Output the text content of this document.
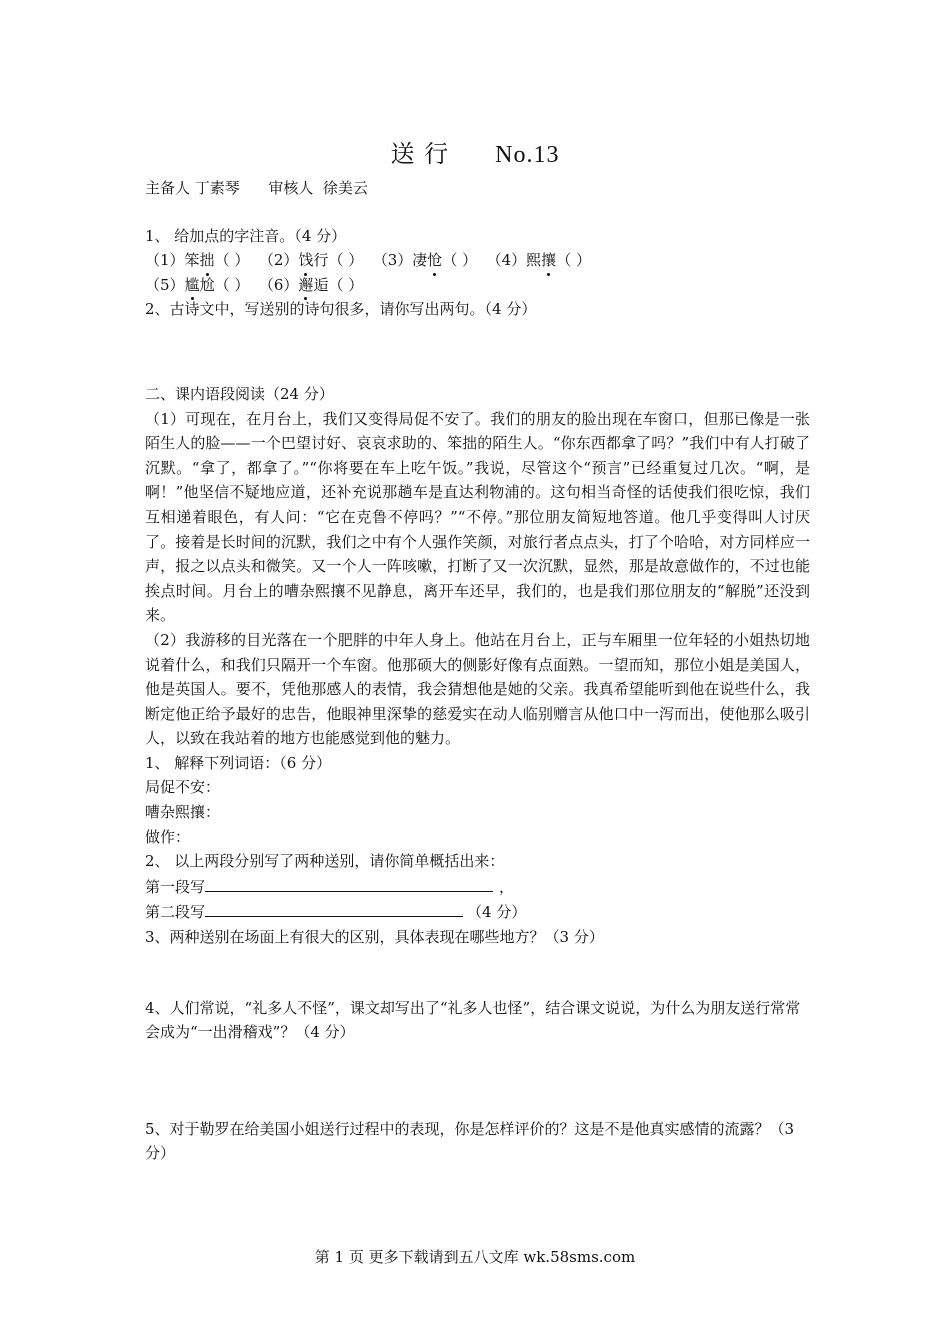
送 行 No.13

主备人 丁素琴      审核人  徐美云

1、 给加点的字注音。（4 分）

（1）笨拙（ ）  （2）饯行（ ）  （3）凄怆（ ）  （4）熙攘（ ）

（5）尴尬（ ）  （6）邂逅（ ）

2、古诗文中，写送别的诗句很多，请你写出两句。（4 分）

二、课内语段阅读（24 分）

（1）可现在，在月台上，我们又变得局促不安了。我们的朋友的脸出现在车窗口，但那已像是一张陌生人的脸——一个巴望讨好、哀哀求助的、笨拙的陌生人。“你东西都拿了吗？”我们中有人打破了沉默。“拿了，都拿了。”“你将要在车上吃午饭。”我说，尽管这个“预言”已经重复过几次。“啊，是啊！”他坚信不疑地应道，还补充说那趟车是直达利物浦的。这句相当奇怪的话使我们很吃惊，我们互相递着眼色，有人问：“它在克鲁不停吗？”“不停。”那位朋友简短地答道。他几乎变得叫人讨厌了。接着是长时间的沉默，我们之中有个人强作笑颜，对旅行者点点头，打了个哈哈，对方同样应一声，报之以点头和微笑。又一个人一阵咳嗽，打断了又一次沉默，显然，那是故意做作的，不过也能挨点时间。月台上的嘈杂熙攘不见静息，离开车还早，我们的，也是我们那位朋友的“解脱”还没到来。

（2）我游移的目光落在一个肥胖的中年人身上。他站在月台上，正与车厢里一位年轻的小姐热切地说着什么，和我们只隔开一个车窗。他那硕大的侧影好像有点面熟。一望而知，那位小姐是美国人，他是英国人。要不，凭他那感人的表情，我会猜想他是她的父亲。我真希望能听到他在说些什么，我断定他正给予最好的忠告，他眼神里深挚的慈爱实在动人临别赠言从他口中一泻而出，使他那么吸引人，以致在我站着的地方也能感觉到他的魅力。

1、 解释下列词语：（6 分）

局促不安：

嘈杂熙攘：

做作：

2、 以上两段分别写了两种送别，请你简单概括出来：

第一段写	，

第二段写	（4 分）

3、两种送别在场面上有很大的区别，具体表现在哪些地方？（3 分）

4、人们常说，“礼多人不怪”，课文却写出了“礼多人也怪”，结合课文说说，为什么为朋友送行常常会成为“一出滑稽戏”？（4 分）

5、对于勒罗在给美国小姐送行过程中的表现，你是怎样评价的？这是不是他真实感情的流露？（3 分）

第 1 页 更多下载请到五八文库 wk.58sms.com
